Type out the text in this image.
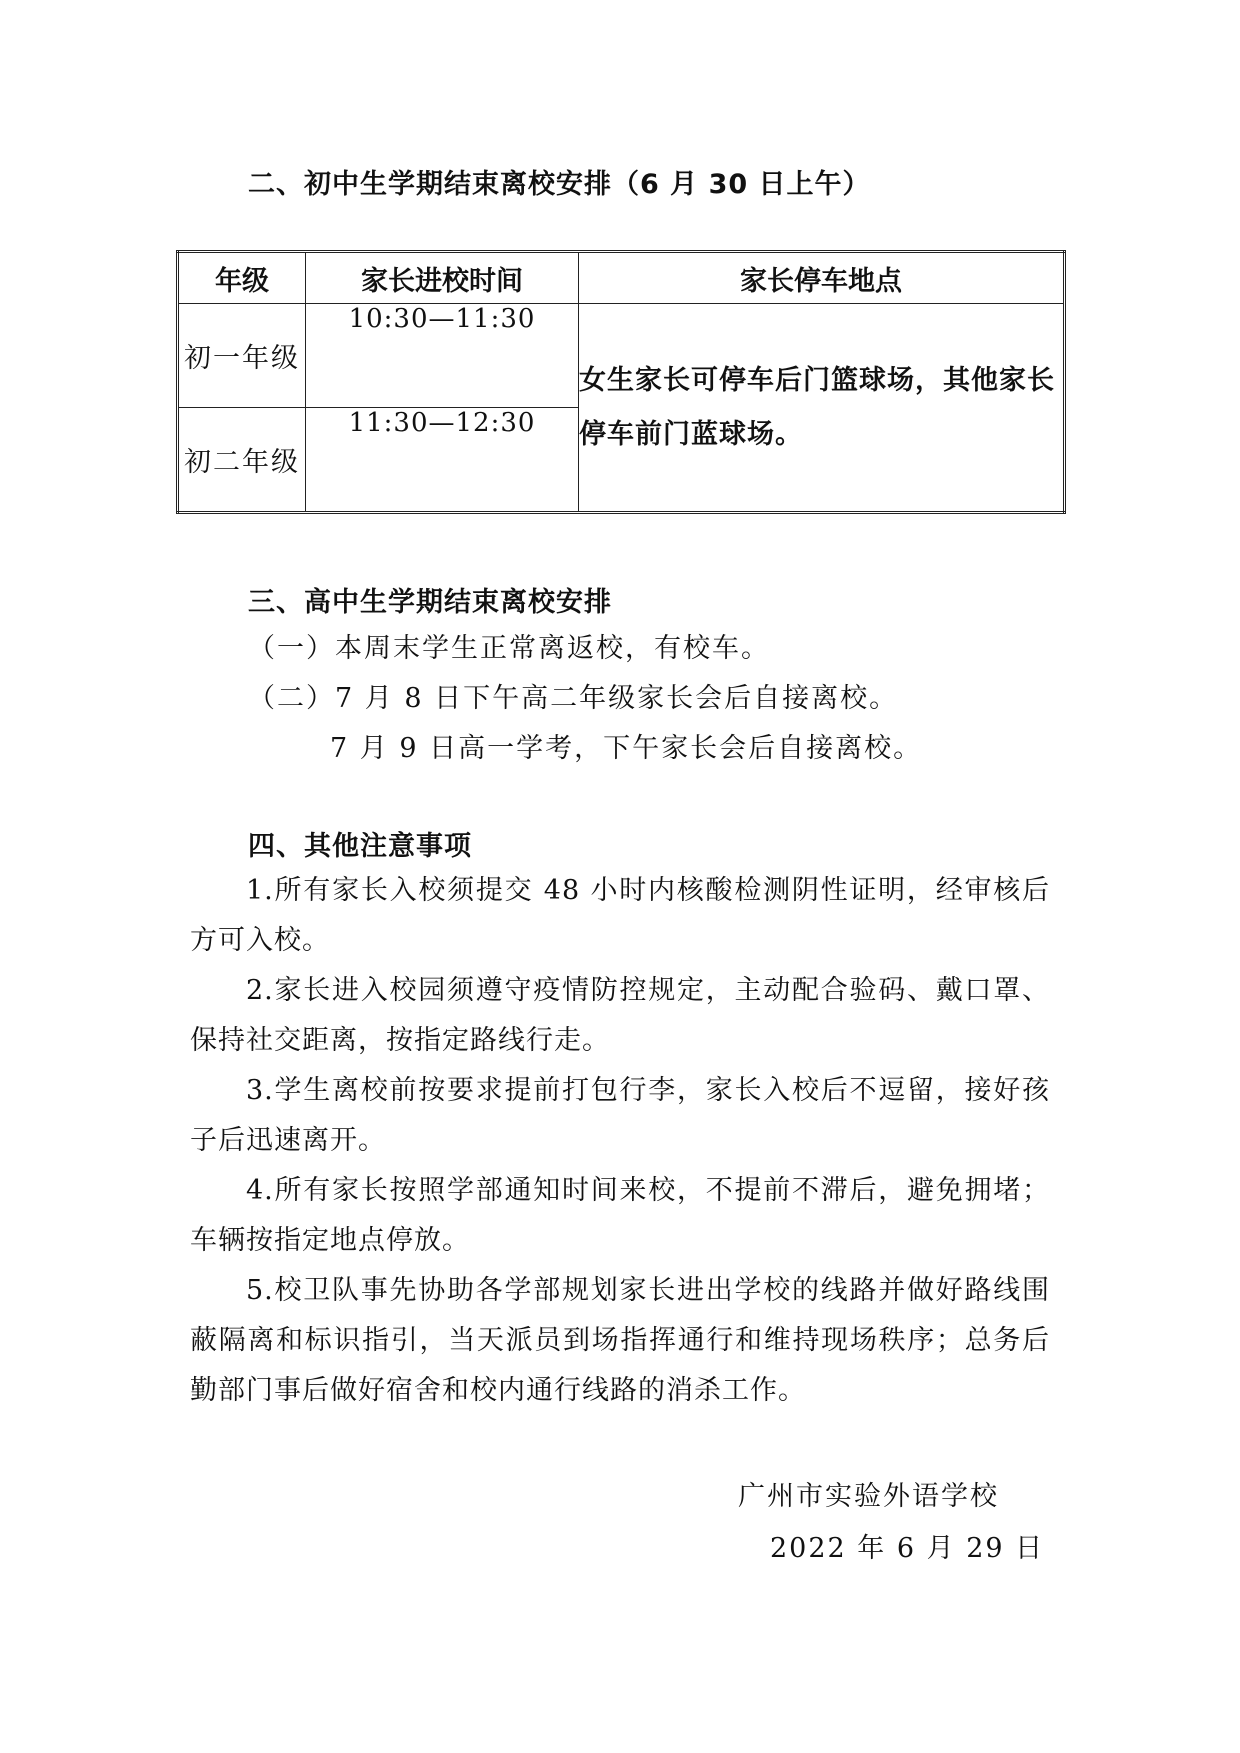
二、初中生学期结束离校安排（6 月 30 日上午）
年级	家长进校时间	家长停车地点
初一年级	10:30—11:30	女生家长可停车后门篮球场，其他家长停车前门蓝球场。
初二年级	11:30—12:30	
三、高中生学期结束离校安排
（一）本周末学生正常离返校，有校车。
（二）7 月 8 日下午高二年级家长会后自接离校。
7 月 9 日高一学考，下午家长会后自接离校。
四、其他注意事项
1.所有家长入校须提交 48 小时内核酸检测阴性证明，经审核后方可入校。
2.家长进入校园须遵守疫情防控规定，主动配合验码、戴口罩、保持社交距离，按指定路线行走。
3.学生离校前按要求提前打包行李，家长入校后不逗留，接好孩子后迅速离开。
4.所有家长按照学部通知时间来校，不提前不滞后，避免拥堵；车辆按指定地点停放。
5.校卫队事先协助各学部规划家长进出学校的线路并做好路线围蔽隔离和标识指引，当天派员到场指挥通行和维持现场秩序；总务后勤部门事后做好宿舍和校内通行线路的消杀工作。
广州市实验外语学校
2022 年 6 月 29 日
